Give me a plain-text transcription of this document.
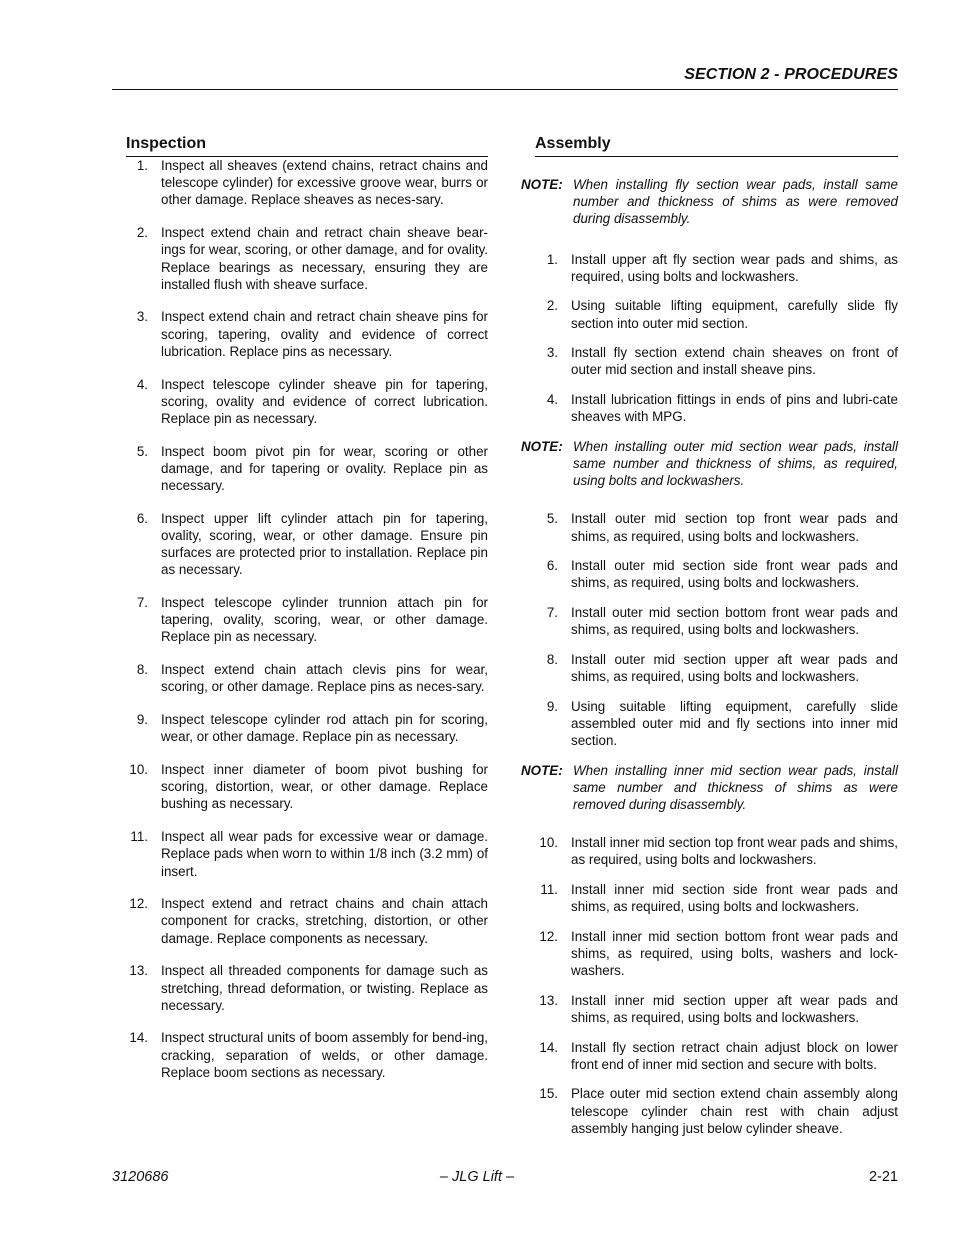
SECTION 2 - PROCEDURES
Inspection
1. Inspect all sheaves (extend chains, retract chains and telescope cylinder) for excessive groove wear, burrs or other damage. Replace sheaves as neces-sary.
2. Inspect extend chain and retract chain sheave bear-ings for wear, scoring, or other damage, and for ovality. Replace bearings as necessary, ensuring they are installed flush with sheave surface.
3. Inspect extend chain and retract chain sheave pins for scoring, tapering, ovality and evidence of correct lubrication. Replace pins as necessary.
4. Inspect telescope cylinder sheave pin for tapering, scoring, ovality and evidence of correct lubrication. Replace pin as necessary.
5. Inspect boom pivot pin for wear, scoring or other damage, and for tapering or ovality. Replace pin as necessary.
6. Inspect upper lift cylinder attach pin for tapering, ovality, scoring, wear, or other damage. Ensure pin surfaces are protected prior to installation. Replace pin as necessary.
7. Inspect telescope cylinder trunnion attach pin for tapering, ovality, scoring, wear, or other damage. Replace pin as necessary.
8. Inspect extend chain attach clevis pins for wear, scoring, or other damage. Replace pins as neces-sary.
9. Inspect telescope cylinder rod attach pin for scoring, wear, or other damage. Replace pin as necessary.
10. Inspect inner diameter of boom pivot bushing for scoring, distortion, wear, or other damage. Replace bushing as necessary.
11. Inspect all wear pads for excessive wear or damage. Replace pads when worn to within 1/8 inch (3.2 mm) of insert.
12. Inspect extend and retract chains and chain attach component for cracks, stretching, distortion, or other damage. Replace components as necessary.
13. Inspect all threaded components for damage such as stretching, thread deformation, or twisting. Replace as necessary.
14. Inspect structural units of boom assembly for bend-ing, cracking, separation of welds, or other damage. Replace boom sections as necessary.
Assembly
NOTE: When installing fly section wear pads, install same number and thickness of shims as were removed during disassembly.
1. Install upper aft fly section wear pads and shims, as required, using bolts and lockwashers.
2. Using suitable lifting equipment, carefully slide fly section into outer mid section.
3. Install fly section extend chain sheaves on front of outer mid section and install sheave pins.
4. Install lubrication fittings in ends of pins and lubri-cate sheaves with MPG.
NOTE: When installing outer mid section wear pads, install same number and thickness of shims, as required, using bolts and lockwashers.
5. Install outer mid section top front wear pads and shims, as required, using bolts and lockwashers.
6. Install outer mid section side front wear pads and shims, as required, using bolts and lockwashers.
7. Install outer mid section bottom front wear pads and shims, as required, using bolts and lockwashers.
8. Install outer mid section upper aft wear pads and shims, as required, using bolts and lockwashers.
9. Using suitable lifting equipment, carefully slide assembled outer mid and fly sections into inner mid section.
NOTE: When installing inner mid section wear pads, install same number and thickness of shims as were removed during disassembly.
10. Install inner mid section top front wear pads and shims, as required, using bolts and lockwashers.
11. Install inner mid section side front wear pads and shims, as required, using bolts and lockwashers.
12. Install inner mid section bottom front wear pads and shims, as required, using bolts, washers and lock-washers.
13. Install inner mid section upper aft wear pads and shims, as required, using bolts and lockwashers.
14. Install fly section retract chain adjust block on lower front end of inner mid section and secure with bolts.
15. Place outer mid section extend chain assembly along telescope cylinder chain rest with chain adjust assembly hanging just below cylinder sheave.
3120686	– JLG Lift –	2-21
